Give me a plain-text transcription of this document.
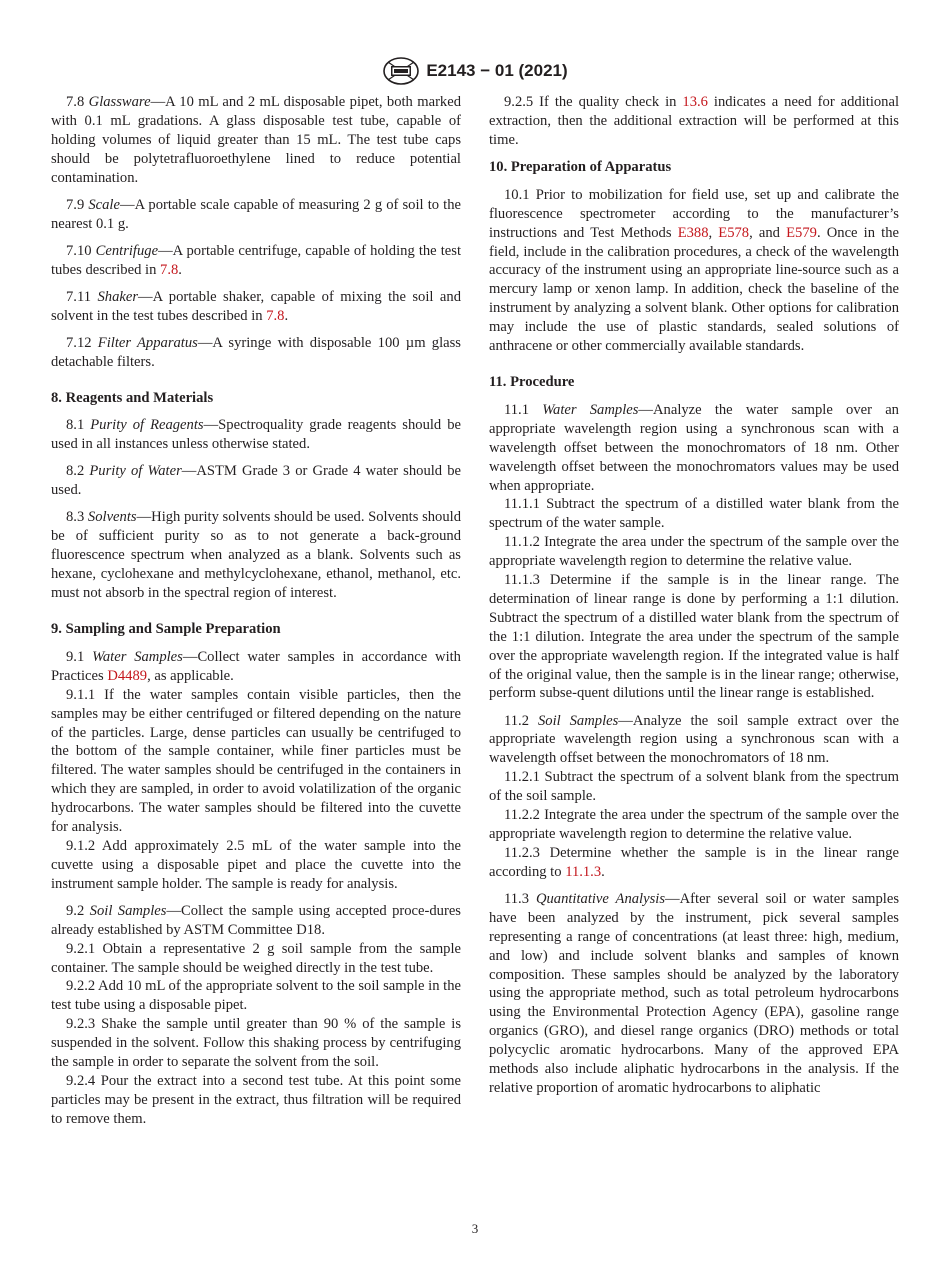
E2143 − 01 (2021)

7.8 Glassware—A 10 mL and 2 mL disposable pipet, both marked with 0.1 mL gradations. A glass disposable test tube, capable of holding volumes of liquid greater than 15 mL. The test tube caps should be polytetrafluoroethylene lined to reduce potential contamination.

7.9 Scale—A portable scale capable of measuring 2 g of soil to the nearest 0.1 g.

7.10 Centrifuge—A portable centrifuge, capable of holding the test tubes described in 7.8.

7.11 Shaker—A portable shaker, capable of mixing the soil and solvent in the test tubes described in 7.8.

7.12 Filter Apparatus—A syringe with disposable 100 µm glass detachable filters.

8. Reagents and Materials

8.1 Purity of Reagents—Spectroquality grade reagents should be used in all instances unless otherwise stated.

8.2 Purity of Water—ASTM Grade 3 or Grade 4 water should be used.

8.3 Solvents—High purity solvents should be used. Solvents should be of sufficient purity so as to not generate a back-ground fluorescence spectrum when analyzed as a blank. Solvents such as hexane, cyclohexane and methylcyclohexane, ethanol, methanol, etc. must not absorb in the spectral region of interest.

9. Sampling and Sample Preparation

9.1 Water Samples—Collect water samples in accordance with Practices D4489, as applicable.

9.1.1 If the water samples contain visible particles, then the samples may be either centrifuged or filtered depending on the nature of the particles. Large, dense particles can usually be centrifuged to the bottom of the sample container, while finer particles must be filtered. The water samples should be centrifuged in the containers in which they are sampled, in order to avoid volatilization of the organic hydrocarbons. The water samples should be filtered into the cuvette for analysis.

9.1.2 Add approximately 2.5 mL of the water sample into the cuvette using a disposable pipet and place the cuvette into the instrument sample holder. The sample is ready for analysis.

9.2 Soil Samples—Collect the sample using accepted proce-dures already established by ASTM Committee D18.

9.2.1 Obtain a representative 2 g soil sample from the sample container. The sample should be weighed directly in the test tube.

9.2.2 Add 10 mL of the appropriate solvent to the soil sample in the test tube using a disposable pipet.

9.2.3 Shake the sample until greater than 90 % of the sample is suspended in the solvent. Follow this shaking process by centrifuging the sample in order to separate the solvent from the soil.

9.2.4 Pour the extract into a second test tube. At this point some particles may be present in the extract, thus filtration will be required to remove them.

9.2.5 If the quality check in 13.6 indicates a need for additional extraction, then the additional extraction will be performed at this time.

10. Preparation of Apparatus

10.1 Prior to mobilization for field use, set up and calibrate the fluorescence spectrometer according to the manufacturer’s instructions and Test Methods E388, E578, and E579. Once in the field, include in the calibration procedures, a check of the wavelength accuracy of the instrument using an appropriate line-source such as a mercury lamp or xenon lamp. In addition, check the baseline of the instrument by analyzing a solvent blank. Other options for calibration may include the use of plastic standards, sealed solutions of anthracene or other commercially available standards.

11. Procedure

11.1 Water Samples—Analyze the water sample over an appropriate wavelength region using a synchronous scan with a wavelength offset between the monochromators of 18 nm. Other wavelength offset between the monochromators values may be used when appropriate.

11.1.1 Subtract the spectrum of a distilled water blank from the spectrum of the water sample.

11.1.2 Integrate the area under the spectrum of the sample over the appropriate wavelength region to determine the relative value.

11.1.3 Determine if the sample is in the linear range. The determination of linear range is done by performing a 1:1 dilution. Subtract the spectrum of a distilled water blank from the spectrum of the 1:1 dilution. Integrate the area under the spectrum of the sample over the appropriate wavelength region. If the integrated value is half of the original value, then the sample is in the linear range; otherwise, perform subse-quent dilutions until the linear range is established.

11.2 Soil Samples—Analyze the soil sample extract over the appropriate wavelength region using a synchronous scan with a wavelength offset between the monochromators of 18 nm.

11.2.1 Subtract the spectrum of a solvent blank from the spectrum of the soil sample.

11.2.2 Integrate the area under the spectrum of the sample over the appropriate wavelength region to determine the relative value.

11.2.3 Determine whether the sample is in the linear range according to 11.1.3.

11.3 Quantitative Analysis—After several soil or water samples have been analyzed by the instrument, pick several samples representing a range of concentrations (at least three: high, medium, and low) and include solvent blanks and samples of known composition. These samples should be analyzed by the laboratory using the appropriate method, such as total petroleum hydrocarbons using the Environmental Protection Agency (EPA), gasoline range organics (GRO), and diesel range organics (DRO) methods or total polycyclic aromatic hydrocarbons. Many of the approved EPA methods also include aliphatic hydrocarbons in the analysis. If the relative proportion of aromatic hydrocarbons to aliphatic

3
